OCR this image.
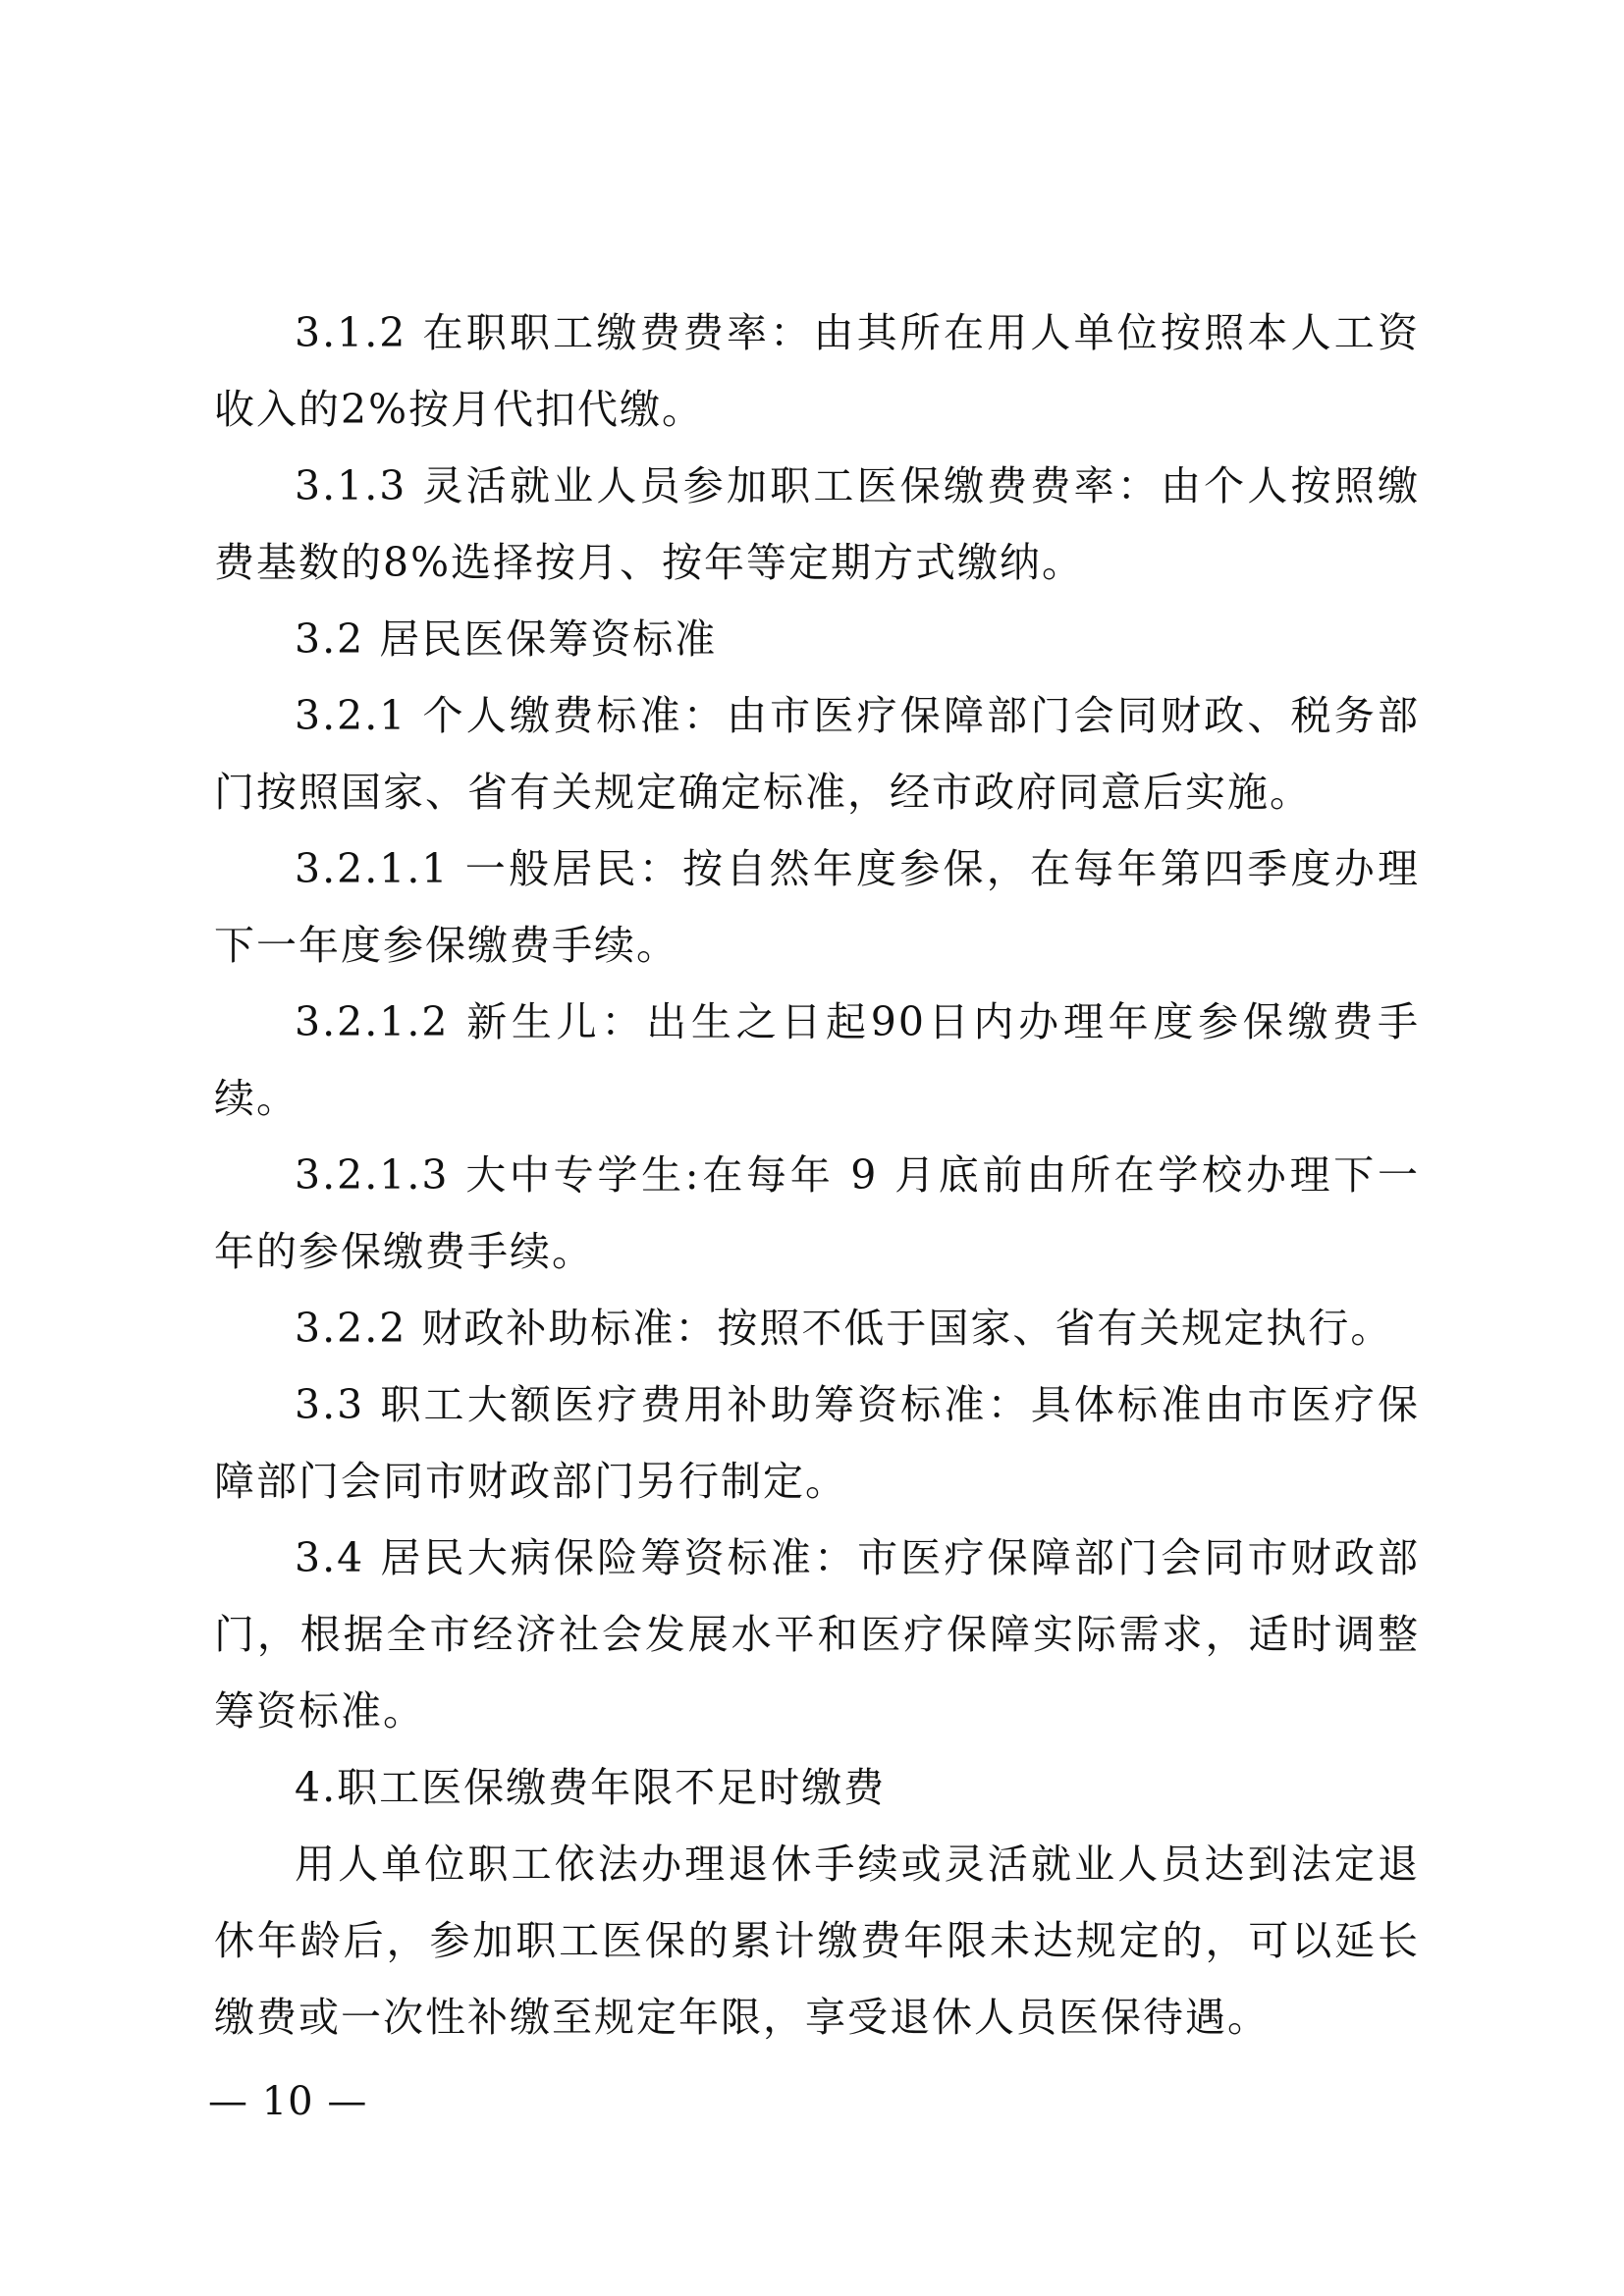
3.1.2 在职职工缴费费率：由其所在用人单位按照本人工资收入的2%按月代扣代缴。

3.1.3 灵活就业人员参加职工医保缴费费率：由个人按照缴费基数的8%选择按月、按年等定期方式缴纳。

3.2 居民医保筹资标准

3.2.1 个人缴费标准：由市医疗保障部门会同财政、税务部门按照国家、省有关规定确定标准，经市政府同意后实施。

3.2.1.1 一般居民：按自然年度参保，在每年第四季度办理下一年度参保缴费手续。

3.2.1.2 新生儿：出生之日起90日内办理年度参保缴费手续。

3.2.1.3 大中专学生:在每年 9 月底前由所在学校办理下一年的参保缴费手续。

3.2.2 财政补助标准：按照不低于国家、省有关规定执行。

3.3 职工大额医疗费用补助筹资标准：具体标准由市医疗保障部门会同市财政部门另行制定。

3.4 居民大病保险筹资标准：市医疗保障部门会同市财政部门，根据全市经济社会发展水平和医疗保障实际需求，适时调整筹资标准。

4.职工医保缴费年限不足时缴费

用人单位职工依法办理退休手续或灵活就业人员达到法定退休年龄后，参加职工医保的累计缴费年限未达规定的，可以延长缴费或一次性补缴至规定年限，享受退休人员医保待遇。

— 10 —
